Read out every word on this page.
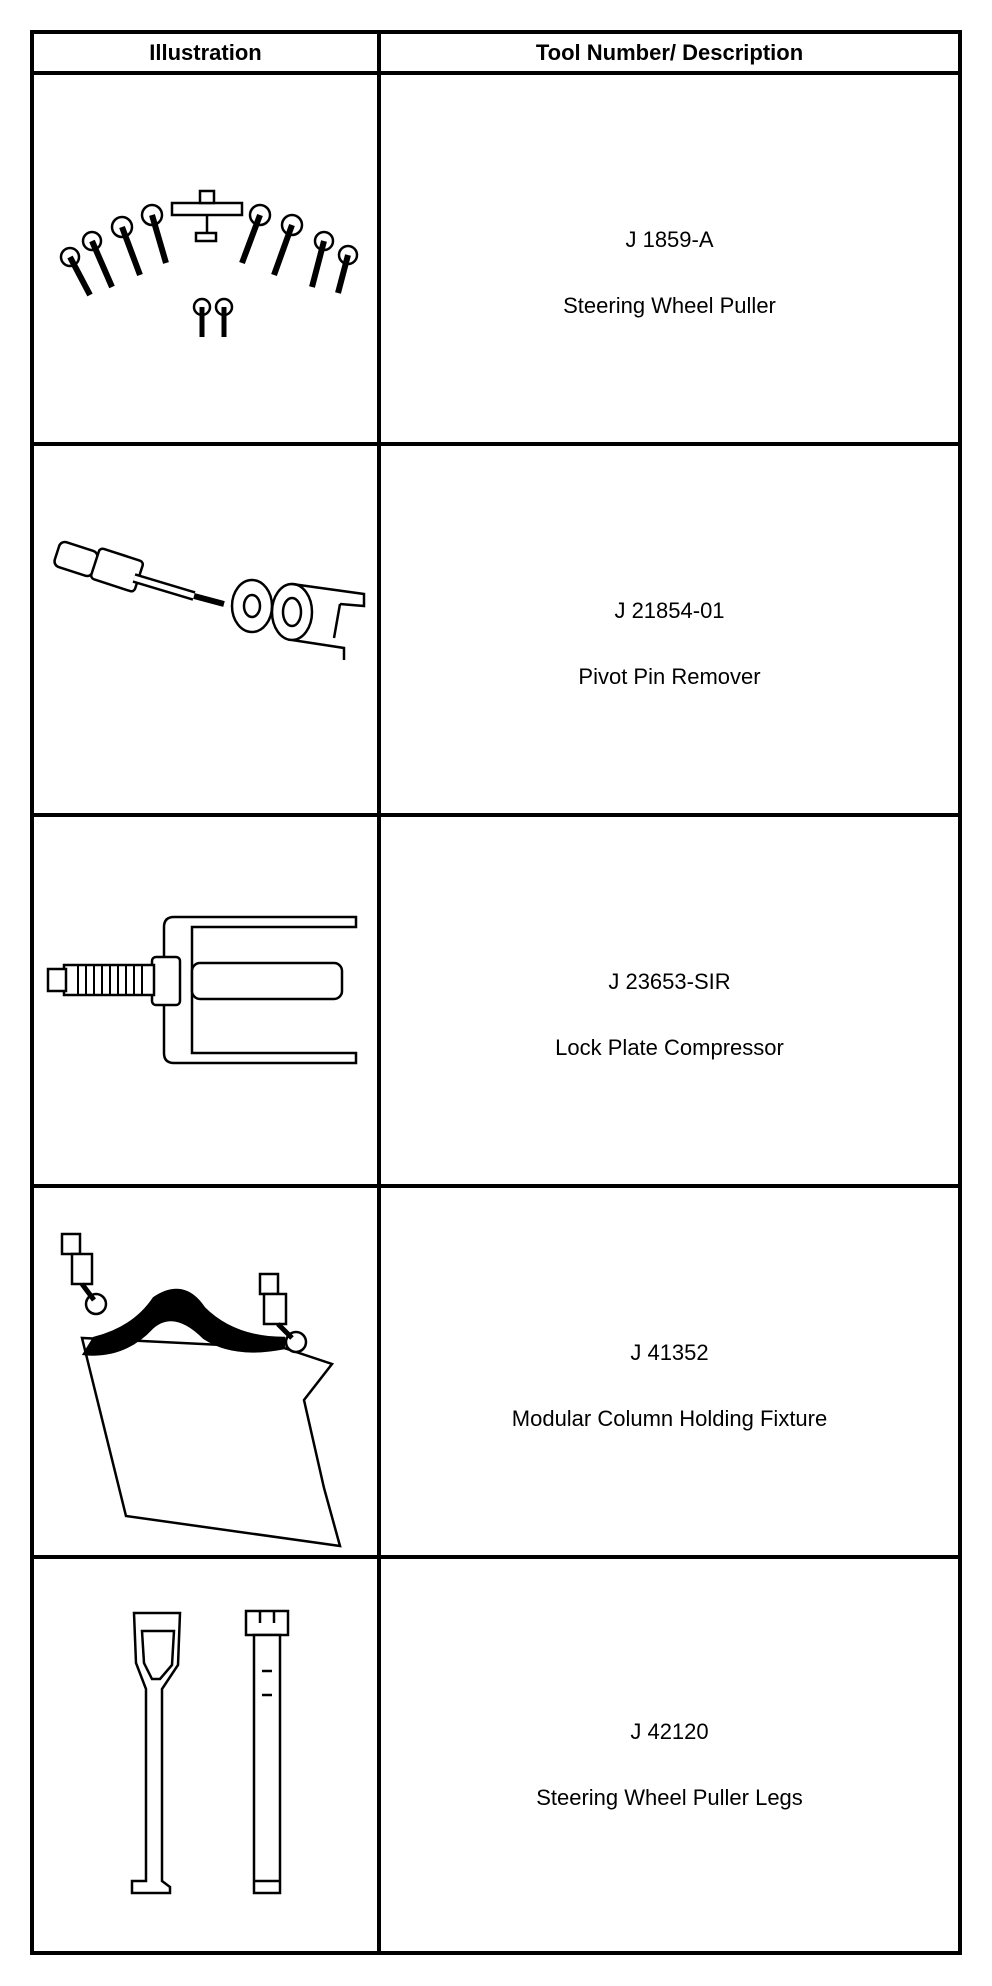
Illustration	Tool Number/ Description
J 1859-A
Steering Wheel Puller
J 21854-01
Pivot Pin Remover
J 23653-SIR
Lock Plate Compressor
J 41352
Modular Column Holding Fixture
J 42120
Steering Wheel Puller Legs
